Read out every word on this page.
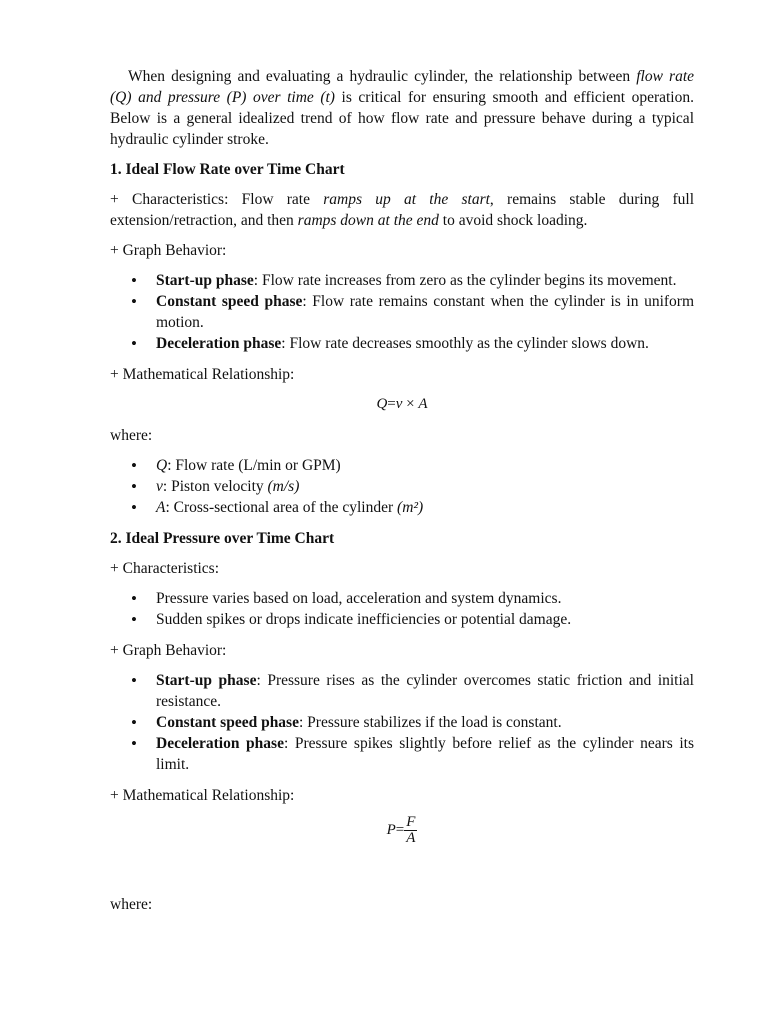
When designing and evaluating a hydraulic cylinder, the relationship between flow rate (Q) and pressure (P) over time (t) is critical for ensuring smooth and efficient operation. Below is a general idealized trend of how flow rate and pressure behave during a typical hydraulic cylinder stroke.

1. Ideal Flow Rate over Time Chart

+ Characteristics: Flow rate ramps up at the start, remains stable during full extension/retraction, and then ramps down at the end to avoid shock loading.

+ Graph Behavior:

• Start-up phase: Flow rate increases from zero as the cylinder begins its movement.
• Constant speed phase: Flow rate remains constant when the cylinder is in uniform motion.
• Deceleration phase: Flow rate decreases smoothly as the cylinder slows down.

+ Mathematical Relationship:

Q=v × A

where:

• Q: Flow rate (L/min or GPM)
• v: Piston velocity (m/s)
• A: Cross-sectional area of the cylinder (m²)

2. Ideal Pressure over Time Chart

+ Characteristics:

• Pressure varies based on load, acceleration and system dynamics.
• Sudden spikes or drops indicate inefficiencies or potential damage.

+ Graph Behavior:

• Start-up phase: Pressure rises as the cylinder overcomes static friction and initial resistance.
• Constant speed phase: Pressure stabilizes if the load is constant.
• Deceleration phase: Pressure spikes slightly before relief as the cylinder nears its limit.

+ Mathematical Relationship:

$P= \frac{F}{A}$

where:
